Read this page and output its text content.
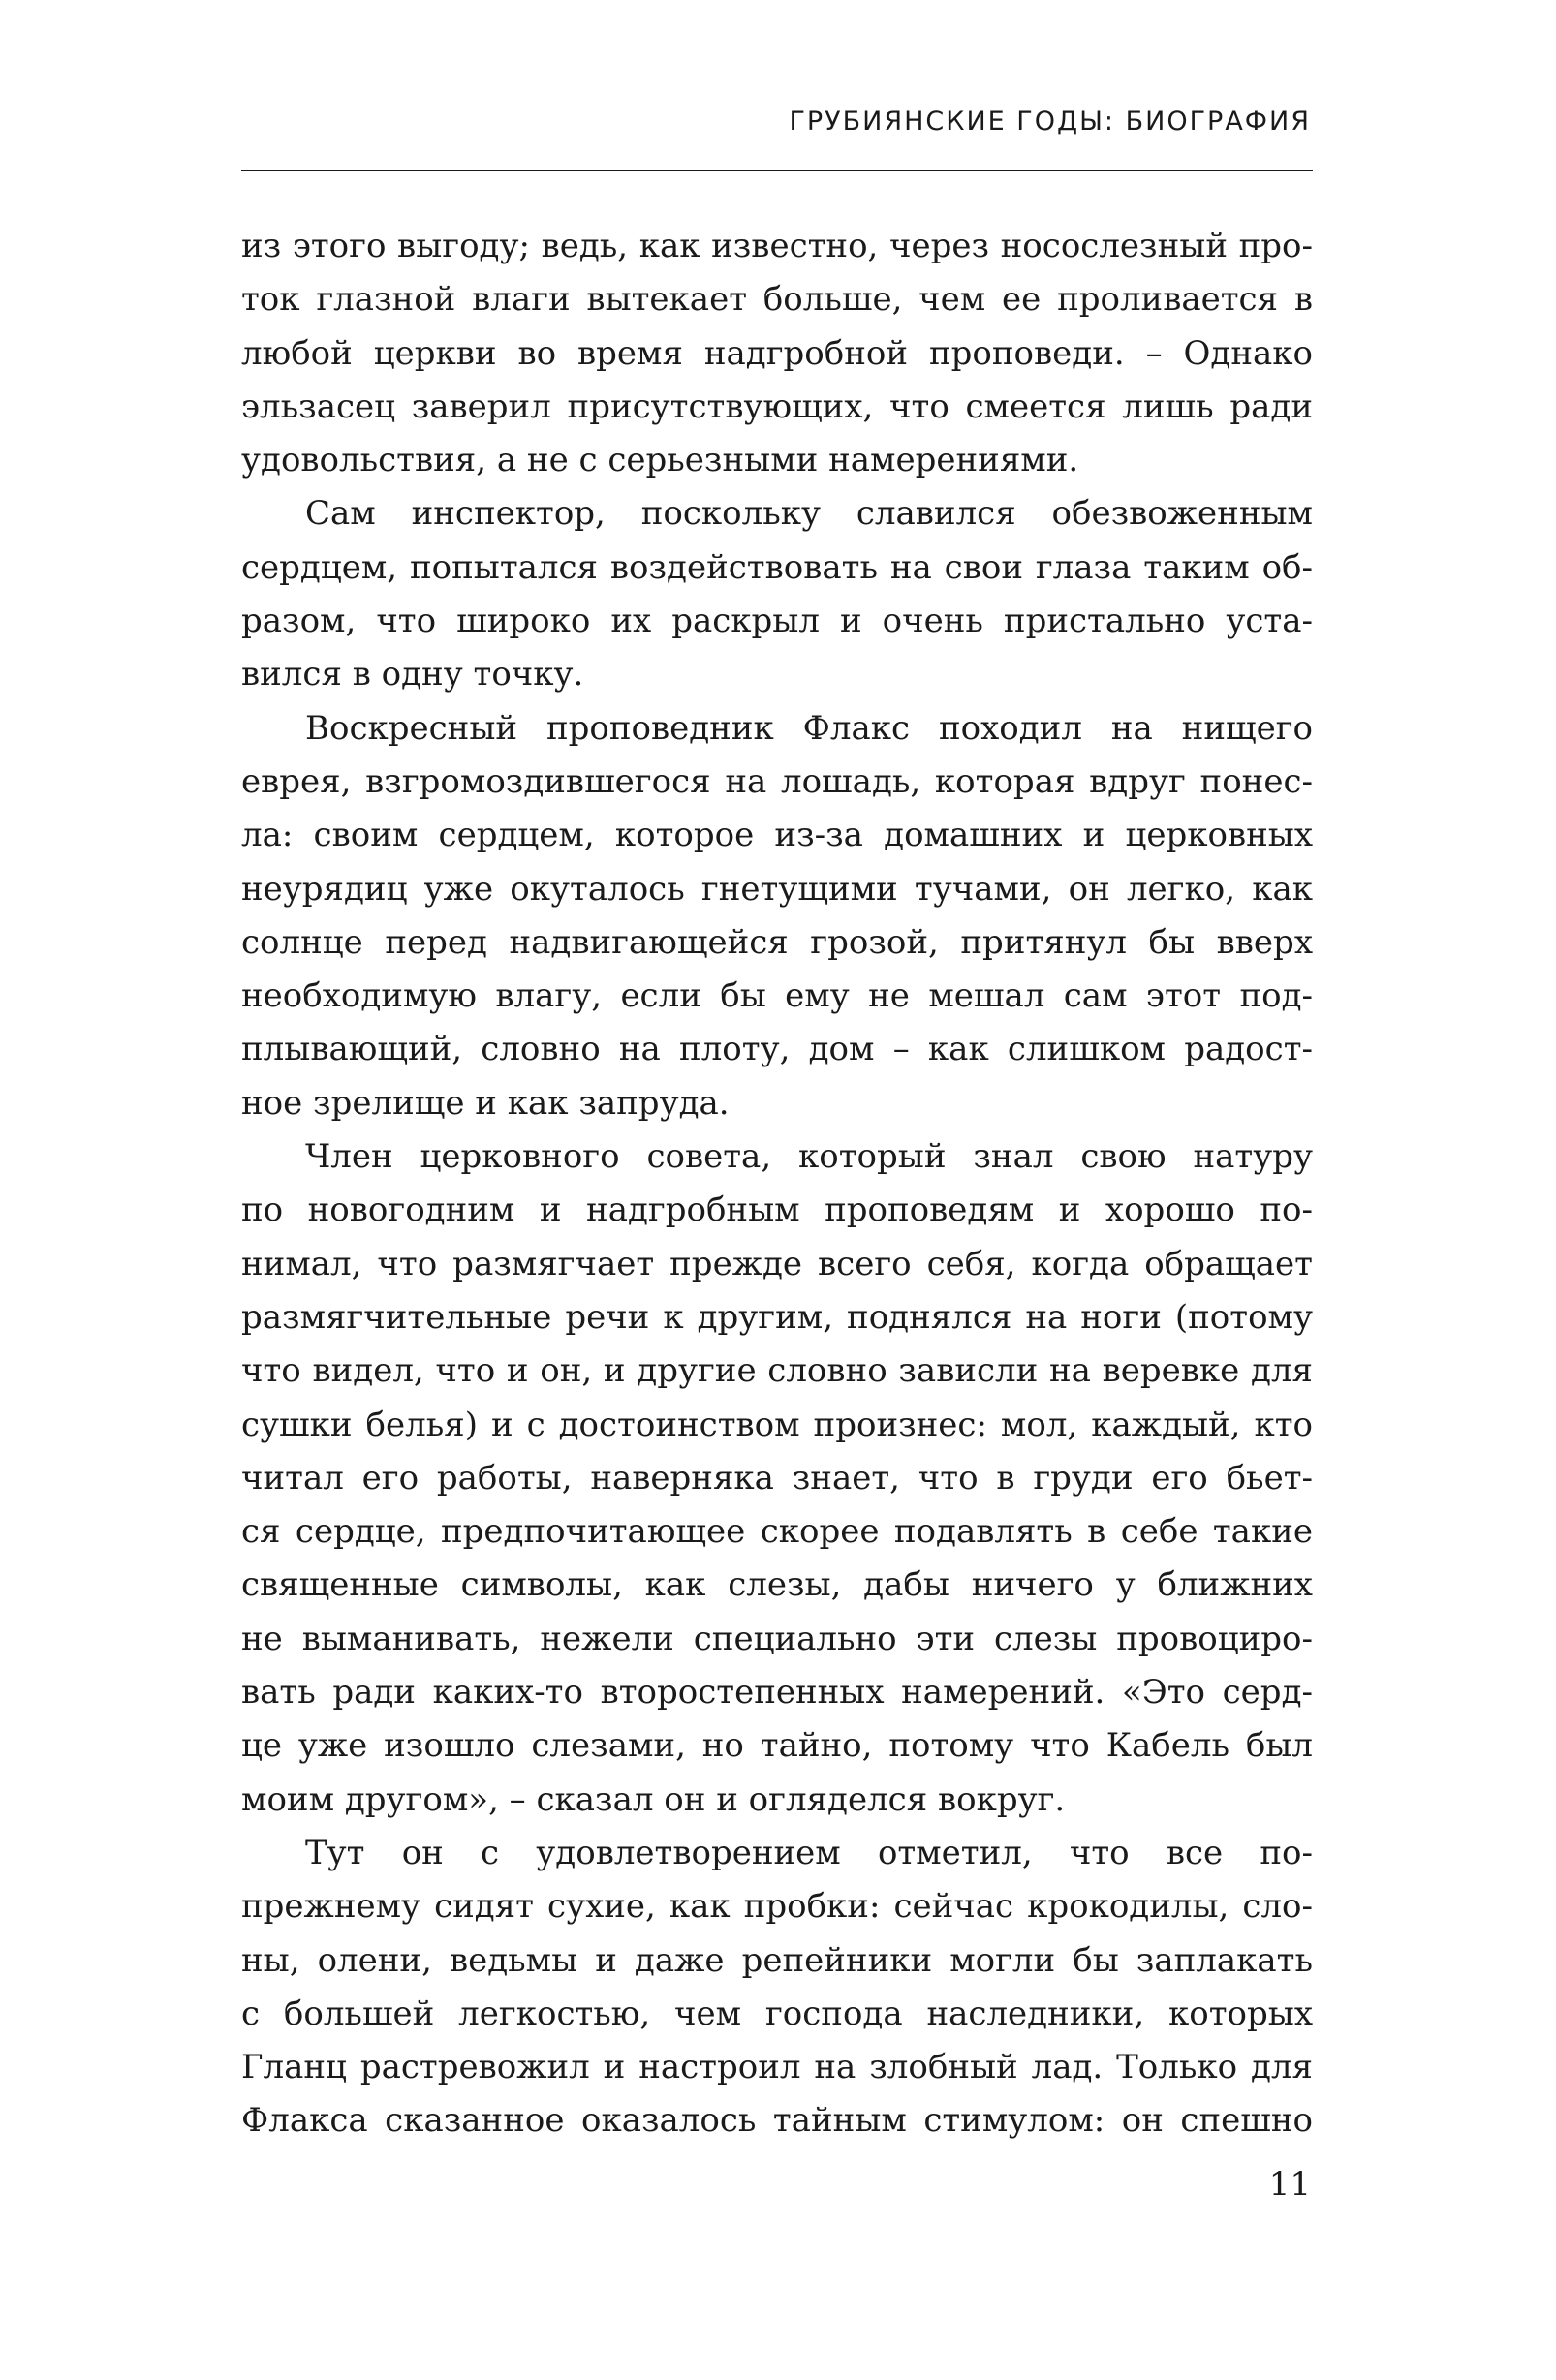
ГРУБИЯНСКИЕ ГОДЫ: БИОГРАФИЯ
из этого выгоду; ведь, как известно, через носослезный про-
ток глазной влаги вытекает больше, чем ее проливается в
любой церкви во время надгробной проповеди. – Однако
эльзасец заверил присутствующих, что смеется лишь ради
удовольствия, а не с серьезными намерениями.
Сам инспектор, поскольку славился обезвоженным
сердцем, попытался воздействовать на свои глаза таким об-
разом, что широко их раскрыл и очень пристально уста-
вился в одну точку.
Воскресный проповедник Флакс походил на нищего
еврея, взгромоздившегося на лошадь, которая вдруг понес-
ла: своим сердцем, которое из-за домашних и церковных
неурядиц уже окуталось гнетущими тучами, он легко, как
солнце перед надвигающейся грозой, притянул бы вверх
необходимую влагу, если бы ему не мешал сам этот под-
плывающий, словно на плоту, дом – как слишком радост-
ное зрелище и как запруда.
Член церковного совета, который знал свою натуру
по новогодним и надгробным проповедям и хорошо по-
нимал, что размягчает прежде всего себя, когда обращает
размягчительные речи к другим, поднялся на ноги (потому
что видел, что и он, и другие словно зависли на веревке для
сушки белья) и с достоинством произнес: мол, каждый, кто
читал его работы, наверняка знает, что в груди его бьет-
ся сердце, предпочитающее скорее подавлять в себе такие
священные символы, как слезы, дабы ничего у ближних
не выманивать, нежели специально эти слезы провоциро-
вать ради каких-то второстепенных намерений. «Это серд-
це уже изошло слезами, но тайно, потому что Кабель был
моим другом», – сказал он и огляделся вокруг.
Тут он с удовлетворением отметил, что все по-
прежнему сидят сухие, как пробки: сейчас крокодилы, сло-
ны, олени, ведьмы и даже репейники могли бы заплакать
с большей легкостью, чем господа наследники, которых
Гланц растревожил и настроил на злобный лад. Только для
Флакса сказанное оказалось тайным стимулом: он спешно
11
